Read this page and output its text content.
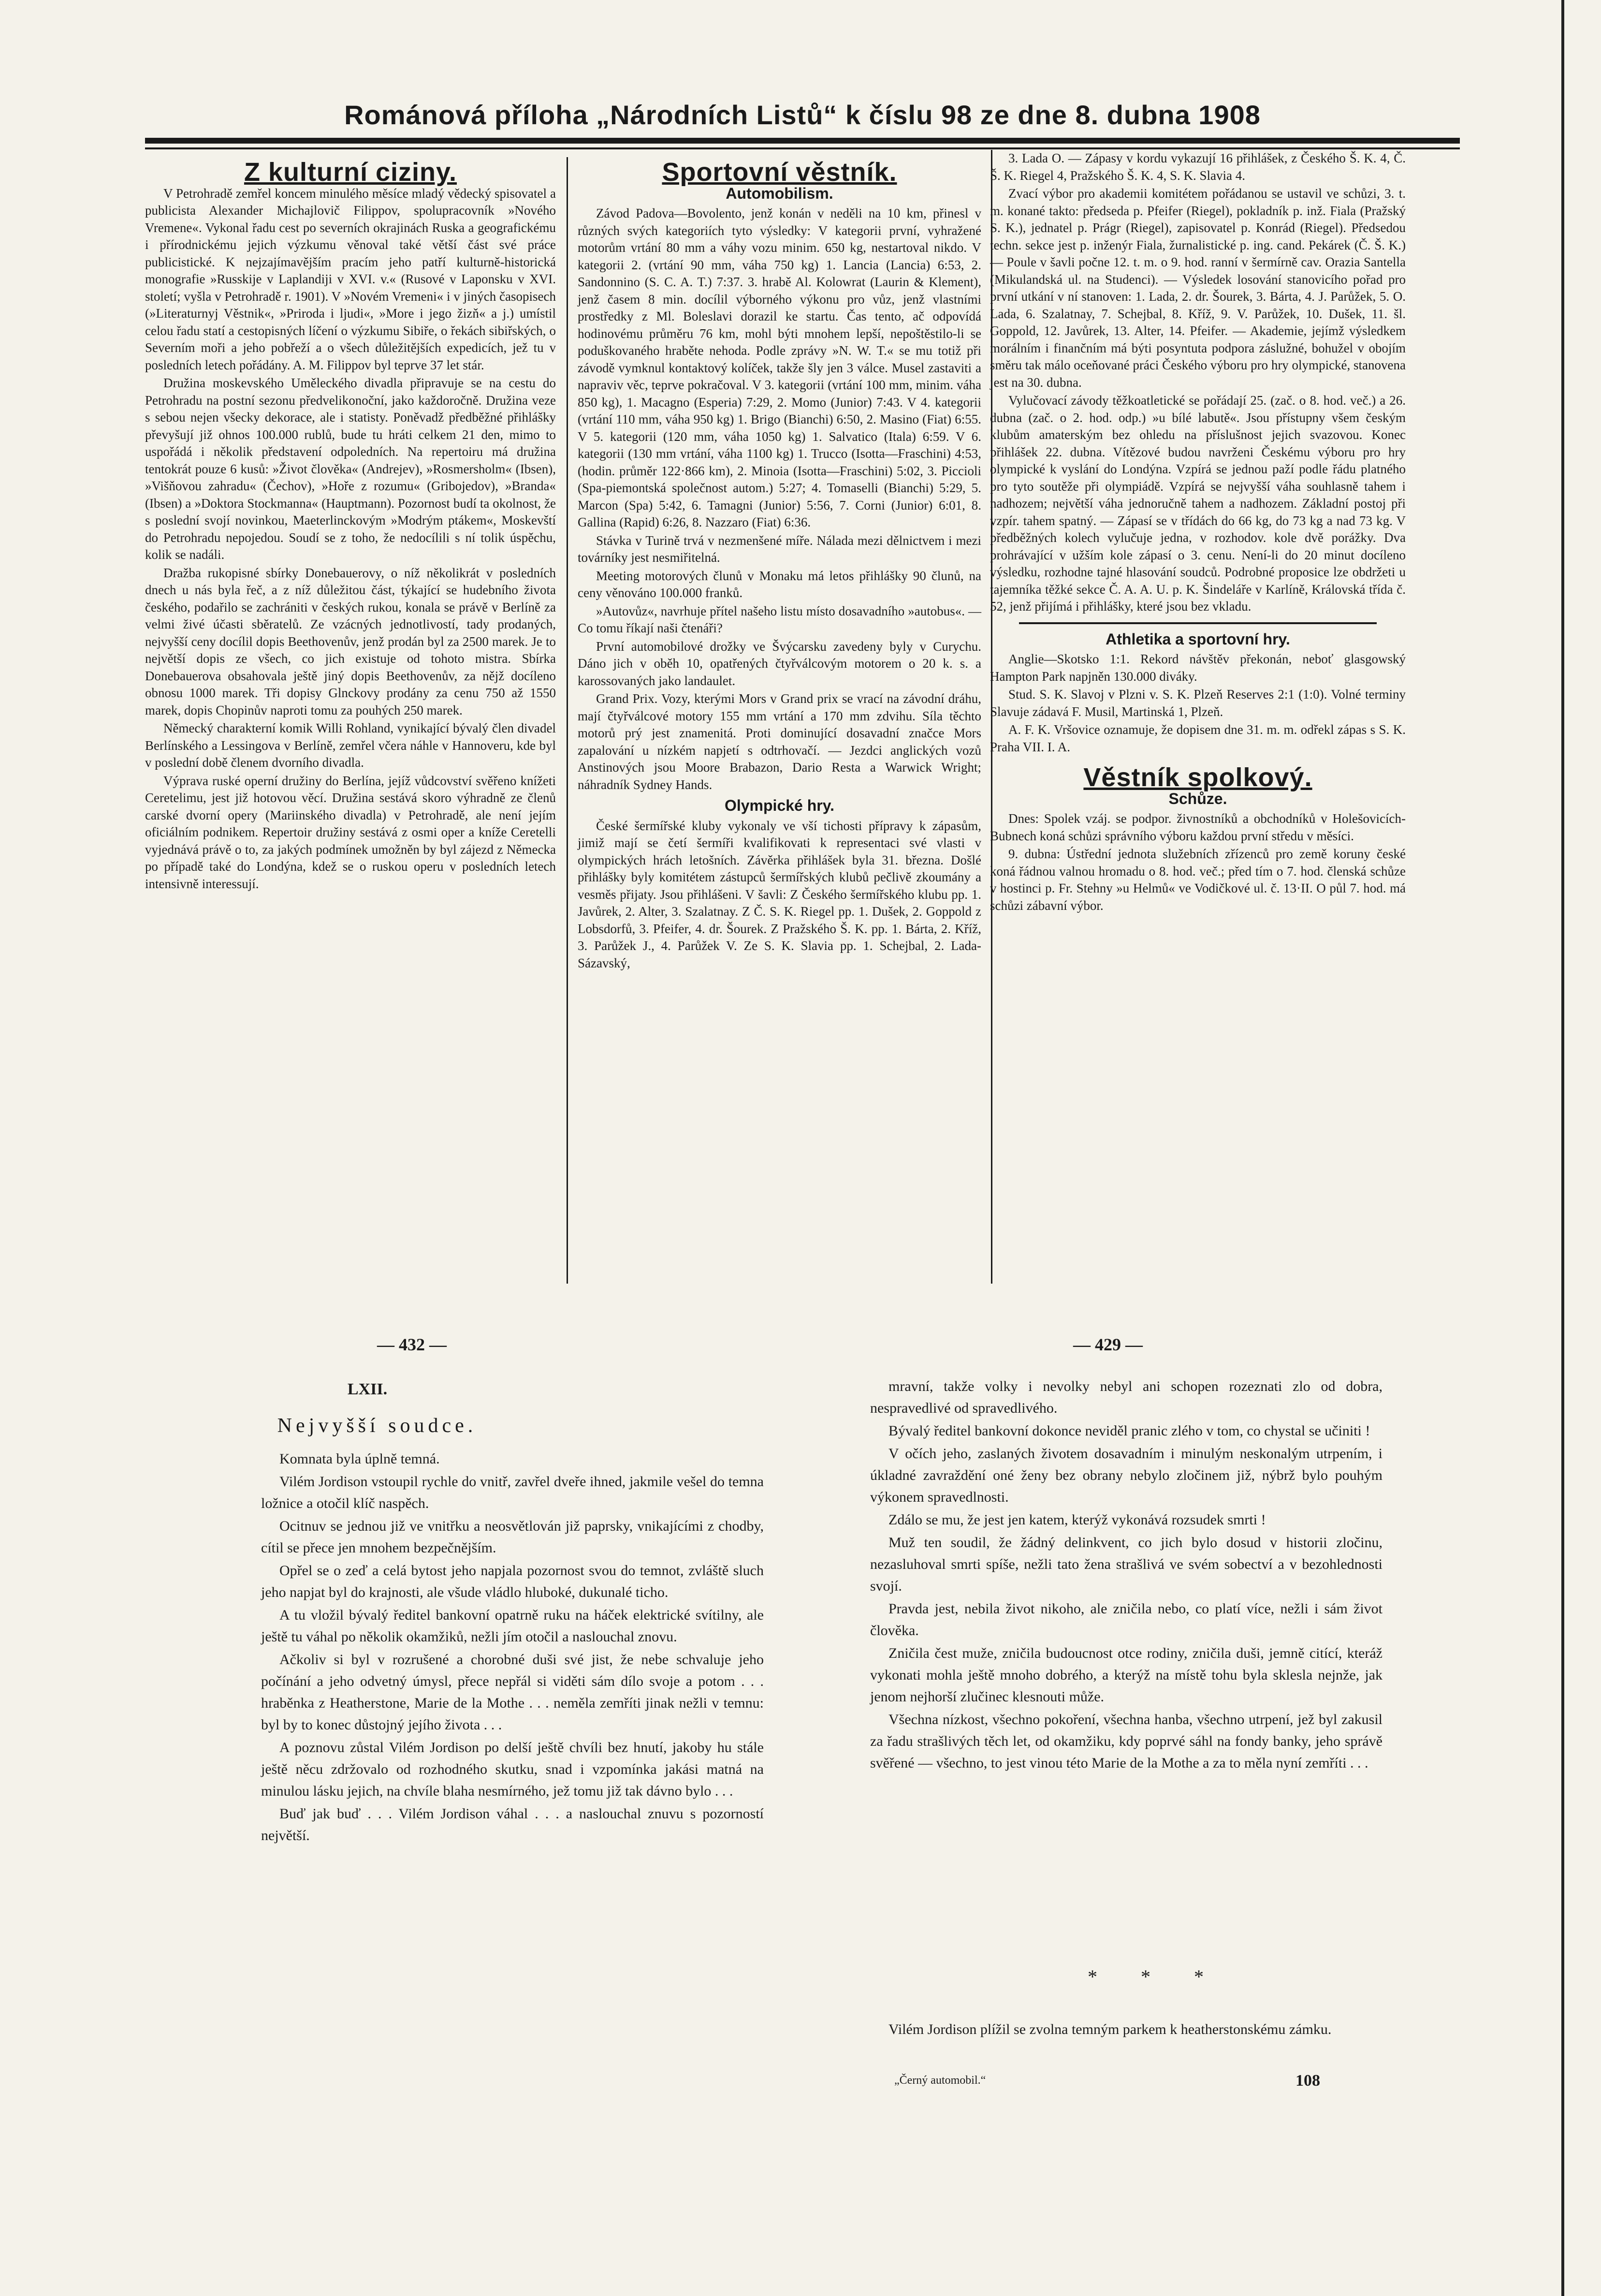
Románová příloha „Národních Listů“ k číslu 98 ze dne 8. dubna 1908
Z kulturní ciziny.

V Petrohradě zemřel koncem minulého měsíce mladý vědecký spisovatel a publicista Alexander Michajlovič Filippov, spolupracovník »Nového Vremene«. Vykonal řadu cest po severních okrajinách Ruska a geografickému i přírodnickému jejich výzkumu věnoval také větší část své práce publicistické. K nejzajímavějším pracím jeho patří kulturně-historická monografie »Russkije v Laplandiji v XVI. v.« (Rusové v Laponsku v XVI. století; vyšla v Petrohradě r. 1901). V »Novém Vremeni« i v jiných časopisech (»Literaturnyj Věstnik«, »Priroda i ljudi«, »More i jego žizň« a j.) umístil celou řadu statí a cestopisných líčení o výzkumu Sibiře, o řekách sibiřských, o Severním moři a jeho pobřeží a o všech důležitějších expedicích, jež tu v posledních letech pořádány. A. M. Filippov byl teprve 37 let stár.

Družina moskevského Uměleckého divadla připravuje se na cestu do Petrohradu na postní sezonu předvelikonoční, jako každoročně. Družina veze s sebou nejen všecky dekorace, ale i statisty. Poněvadž předběžné přihlášky převyšují již ohnos 100.000 rublů, bude tu hráti celkem 21 den, mimo to uspořádá i několik představení odpoledních. Na repertoiru má družina tentokrát pouze 6 kusů: »Život člověka« (Andrejev), »Rosmersholm« (Ibsen), »Višňovou zahradu« (Čechov), »Hoře z rozumu« (Gribojedov), »Branda« (Ibsen) a »Doktora Stockmanna« (Hauptmann). Pozornost budí ta okolnost, že s poslední svojí novinkou, Maeterlinckovým »Modrým ptákem«, Moskevští do Petrohradu nepojedou. Soudí se z toho, že nedocílili s ní tolik úspěchu, kolik se nadáli.

Dražba rukopisné sbírky Donebauerovy, o níž několikrát v posledních dnech u nás byla řeč, a z níž důležitou část, týkající se hudebního života českého, podařilo se zachrániti v českých rukou, konala se právě v Berlíně za velmi živé účasti sběratelů. Ze vzácných jednotlivostí, tady prodaných, nejvyšší ceny docílil dopis Beethovenův, jenž prodán byl za 2500 marek. Je to největší dopis ze všech, co jich existuje od tohoto mistra. Sbírka Donebauerova obsahovala ještě jiný dopis Beethovenův, za nějž docíleno obnosu 1000 marek. Tři dopisy Glnckovy prodány za cenu 750 až 1550 marek, dopis Chopinův naproti tomu za pouhých 250 marek.

Německý charakterní komik Willi Rohland, vynikající bývalý člen divadel Berlínského a Lessingova v Berlíně, zemřel včera náhle v Hannoveru, kde byl v poslední době členem dvorního divadla.

Výprava ruské operní družiny do Berlína, jejíž vůdcovství svěřeno knížeti Ceretelimu, jest již hotovou věcí. Družina sestává skoro výhradně ze členů carské dvorní opery (Mariinského divadla) v Petrohradě, ale není jejím oficiálním podnikem. Repertoir družiny sestává z osmi oper a kníže Ceretelli vyjednává právě o to, za jakých podmínek umožněn by byl zájezd z Německa po případě také do Londýna, kdež se o ruskou operu v posledních letech intensivně interessují.

Sportovní věstník.
Automobilism.

Závod Padova—Bovolento, jenž konán v neděli na 10 km, přinesl v různých svých kategoriích tyto výsledky: V kategorii první, vyhražené motorům vrtání 80 mm a váhy vozu minim. 650 kg, nestartoval nikdo. V kategorii 2. (vrtání 90 mm, váha 750 kg) 1. Lancia (Lancia) 6:53, 2. Sandonnino (S. C. A. T.) 7:37. 3. hrabě Al. Kolowrat (Laurin & Klement), jenž časem 8 min. docílil výborného výkonu pro vůz, jenž vlastními prostředky z Ml. Boleslavi dorazil ke startu. Čas tento, ač odpovídá hodinovému průměru 76 km, mohl býti mnohem lepší, nepoštěstilo-li se poduškovaného hraběte nehoda. Podle zprávy »N. W. T.« se mu totiž při závodě vymknul kontaktový kolíček, takže šly jen 3 válce. Musel zastaviti a napraviv věc, teprve pokračoval. V 3. kategorii (vrtání 100 mm, minim. váha 850 kg), 1. Macagno (Esperia) 7:29, 2. Momo (Junior) 7:43. V 4. kategorii (vrtání 110 mm, váha 950 kg) 1. Brigo (Bianchi) 6:50, 2. Masino (Fiat) 6:55. V 5. kategorii (120 mm, váha 1050 kg) 1. Salvatico (Itala) 6:59. V 6. kategorii (130 mm vrtání, váha 1100 kg) 1. Trucco (Isotta—Fraschini) 4:53, (hodin. průměr 122·866 km), 2. Minoia (Isotta—Fraschini) 5:02, 3. Piccioli (Spa-piemontská společnost autom.) 5:27; 4. Tomaselli (Bianchi) 5:29, 5. Marcon (Spa) 5:42, 6. Tamagni (Junior) 5:56, 7. Corni (Junior) 6:01, 8. Gallina (Rapid) 6:26, 8. Nazzaro (Fiat) 6:36.

Stávka v Turině trvá v nezmenšené míře. Nálada mezi dělnictvem i mezi továrníky jest nesmiřitelná.

Meeting motorových člunů v Monaku má letos přihlášky 90 člunů, na ceny věnováno 100.000 franků.

»Autovůz«, navrhuje přítel našeho listu místo dosavadního »autobus«. — Co tomu říkají naši čtenáři?

První automobilové drožky ve Švýcarsku zavedeny byly v Curychu. Dáno jich v oběh 10, opatřených čtyřválcovým motorem o 20 k. s. a karossovaných jako landaulet.

Grand Prix. Vozy, kterými Mors v Grand prix se vrací na závodní dráhu, mají čtyřválcové motory 155 mm vrtání a 170 mm zdvihu. Síla těchto motorů prý jest znamenitá. Proti dominující dosavadní značce Mors zapalování u nízkém napjetí s odtrhovačí. — Jezdci anglických vozů Anstinových jsou Moore Brabazon, Dario Resta a Warwick Wright; náhradník Sydney Hands.

Olympické hry.

České šermířské kluby vykonaly ve vší tichosti přípravy k zápasům, jimiž mají se četí šermíři kvalifikovati k representaci své vlasti v olympických hrách letošních. Závěrka přihlášek byla 31. března. Došlé přihlášky byly komitétem zástupců šermířských klubů pečlivě zkoumány a vesměs přijaty. Jsou přihlášeni. V šavli: Z Českého šermířského klubu pp. 1. Javůrek, 2. Alter, 3. Szalatnay. Z Č. S. K. Riegel pp. 1. Dušek, 2. Goppold z Lobsdorfů, 3. Pfeifer, 4. dr. Šourek. Z Pražského Š. K. pp. 1. Bárta, 2. Kříž, 3. Parůžek J., 4. Parůžek V. Ze S. K. Slavia pp. 1. Schejbal, 2. Lada-Sázavský,

3. Lada O. — Zápasy v kordu vykazují 16 přihlášek, z Českého Š. K. 4, Č. Š. K. Riegel 4, Pražského Š. K. 4, S. K. Slavia 4.

Zvací výbor pro akademii komitétem pořádanou se ustavil ve schůzi, 3. t. m. konané takto: předseda p. Pfeifer (Riegel), pokladník p. inž. Fiala (Pražský S. K.), jednatel p. Prágr (Riegel), zapisovatel p. Konrád (Riegel). Předsedou techn. sekce jest p. inženýr Fiala, žurnalistické p. ing. cand. Pekárek (Č. Š. K.) — Poule v šavli počne 12. t. m. o 9. hod. ranní v šermírně cav. Orazia Santella (Mikulandská ul. na Studenci). — Výsledek losování stanovicího pořad pro první utkání v ní stanoven: 1. Lada, 2. dr. Šourek, 3. Bárta, 4. J. Parůžek, 5. O. Lada, 6. Szalatnay, 7. Schejbal, 8. Kříž, 9. V. Parůžek, 10. Dušek, 11. šl. Goppold, 12. Javůrek, 13. Alter, 14. Pfeifer. — Akademie, jejímž výsledkem morálním i finančním má býti posyntuta podpora záslužné, bohužel v obojím směru tak málo oceňované práci Českého výboru pro hry olympické, stanovena jest na 30. dubna.

Vylučovací závody těžkoatletické se pořádají 25. (zač. o 8. hod. več.) a 26. dubna (zač. o 2. hod. odp.) »u bílé labutě«. Jsou přístupny všem českým klubům amaterským bez ohledu na příslušnost jejich svazovou. Konec přihlášek 22. dubna. Vítězové budou navrženi Českému výboru pro hry olympické k vyslání do Londýna. Vzpírá se jednou paží podle řádu platného pro tyto soutěže při olympiádě. Vzpírá se nejvyšší váha souhlasně tahem i nadhozem; největší váha jednoručně tahem a nadhozem. Základní postoj při vzpír. tahem spatný. — Zápasí se v třídách do 66 kg, do 73 kg a nad 73 kg. V předběžných kolech vylučuje jedna, v rozhodov. kole dvě porážky. Dva prohrávající v užším kole zápasí o 3. cenu. Není-li do 20 minut docíleno výsledku, rozhodne tajné hlasování soudců. Podrobné proposice lze obdržeti u tajemníka těžké sekce Č. A. A. U. p. K. Šindeláře v Karlíně, Královská třída č. 52, jenž přijímá i přihlášky, které jsou bez vkladu.

Athletika a sportovní hry.

Anglie—Skotsko 1:1. Rekord návštěv překonán, neboť glasgowský Hampton Park napjněn 130.000 diváky.

Stud. S. K. Slavoj v Plzni v. S. K. Plzeň Reserves 2:1 (1:0). Volné terminy Slavuje zádavá F. Musil, Martinská 1, Plzeň.

A. F. K. Vršovice oznamuje, že dopisem dne 31. m. m. odřekl zápas s S. K. Praha VII. I. A.

Věstník spolkový.
Schůze.

Dnes: Spolek vzáj. se podpor. živnostníků a obchodníků v Holešovicích-Bubnech koná schůzi správního výboru každou první středu v měsíci.

9. dubna: Ústřední jednota služebních zřízenců pro země koruny české koná řádnou valnou hromadu o 8. hod. več.; před tím o 7. hod. členská schůze v hostinci p. Fr. Stehny »u Helmů« ve Vodičkové ul. č. 13·II. O půl 7. hod. má schůzi zábavní výbor.

— 432 —
LXII.
Nejvyšší soudce.

Komnata byla úplně temná.

Vilém Jordison vstoupil rychle do vnitř, zavřel dveře ihned, jakmile vešel do temna ložnice a otočil klíč naspěch.

Ocitnuv se jednou již ve vnitřku a neosvětlován již paprsky, vnikajícími z chodby, cítil se přece jen mnohem bezpečnějším.

Opřel se o zeď a celá bytost jeho napjala pozornost svou do temnot, zvláště sluch jeho napjat byl do krajnosti, ale všude vládlo hluboké, dukunalé ticho.

A tu vložil bývalý ředitel bankovní opatrně ruku na háček elektrické svítilny, ale ještě tu váhal po několik okamžiků, nežli jím otočil a naslouchal znovu.

Ačkoliv si byl v rozrušené a chorobné duši své jist, že nebe schvaluje jeho počínání a jeho odvetný úmysl, přece nepřál si viděti sám dílo svoje a potom . . . hraběnka z Heatherstone, Marie de la Mothe . . . neměla zemříti jinak nežli v temnu: byl by to konec důstojný jejího života . . .

A poznovu zůstal Vilém Jordison po delší ještě chvíli bez hnutí, jakoby hu stále ještě něcu zdržovalo od rozhodného skutku, snad i vzpomínka jakási matná na minulou lásku jejich, na chvíle blaha nesmírného, jež tomu již tak dávno bylo . . .

Buď jak buď . . . Vilém Jordison váhal . . . a naslouchal znuvu s pozorností největší.

— 429 —

mravní, takže volky i nevolky nebyl ani schopen rozeznati zlo od dobra, nespravedlivé od spravedlivého.

Bývalý ředitel bankovní dokonce neviděl pranic zlého v tom, co chystal se učiniti !

V očích jeho, zaslaných životem dosavadním i minulým neskonalým utrpením, i úkladné zavraždění oné ženy bez obrany nebylo zločinem již, nýbrž bylo pouhým výkonem spravedlnosti.

Zdálo se mu, že jest jen katem, kterýž vykonává rozsudek smrti !

Muž ten soudil, že žádný delinkvent, co jich bylo dosud v historii zločinu, nezasluhoval smrti spíše, nežli tato žena strašlivá ve svém sobectví a v bezohlednosti svojí.

Pravda jest, nebila život nikoho, ale zničila nebo, co platí více, nežli i sám život člověka.

Zničila čest muže, zničila budoucnost otce rodiny, zničila duši, jemně citící, kteráž vykonati mohla ještě mnoho dobrého, a kterýž na místě tohu byla sklesla nejnže, jak jenom nejhorší zlučinec klesnouti může.

Všechna nízkost, všechno pokoření, všechna hanba, všechno utrpení, jež byl zakusil za řadu strašlivých těch let, od okamžiku, kdy poprvé sáhl na fondy banky, jeho správě svěřené — všechno, to jest vinou této Marie de la Mothe a za to měla nyní zemříti . . .

* * *

Vilém Jordison plížil se zvolna temným parkem k heatherstonskému zámku.

„Černý automobil.“	108
